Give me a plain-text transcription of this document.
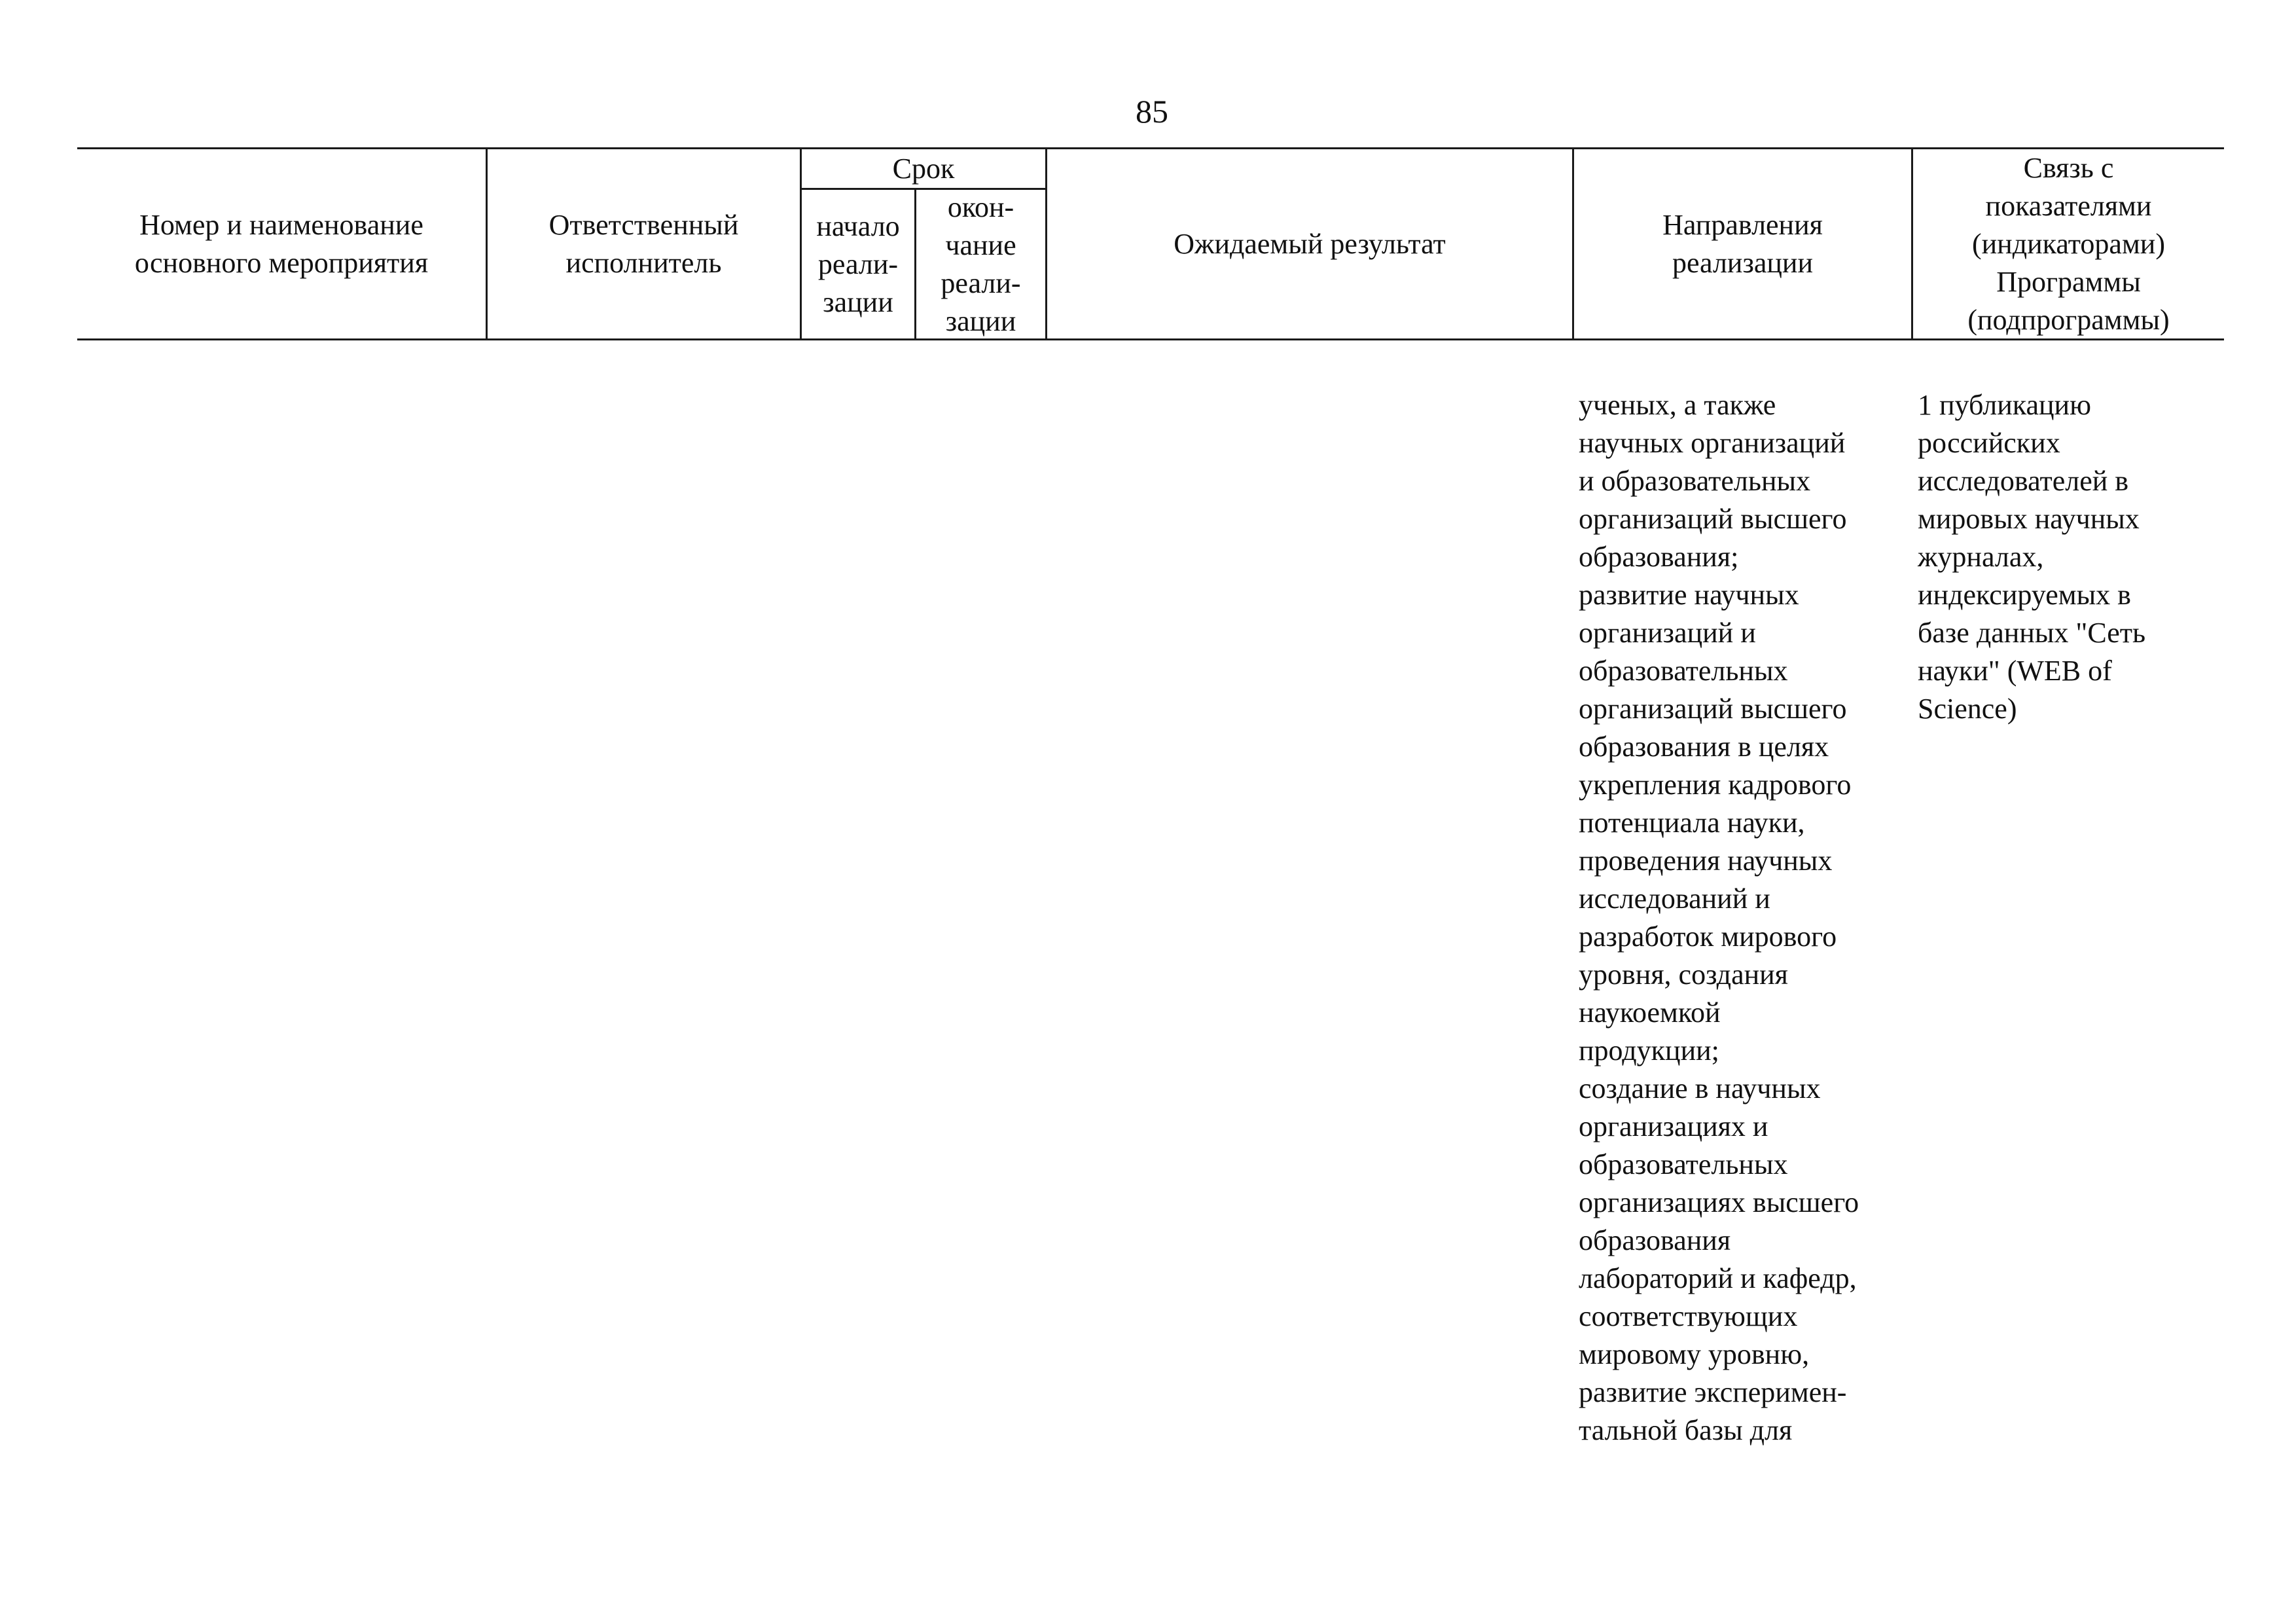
85
Номер и наименование
основного мероприятия
Ответственный
исполнитель
Срок
начало
реали-
зации
окон-
чание
реали-
зации
Ожидаемый результат
Направления
реализации
Связь с
показателями
(индикаторами)
Программы
(подпрограммы)
ученых, а также
научных организаций
и образовательных
организаций высшего
образования;
развитие научных
организаций и
образовательных
организаций высшего
образования в целях
укрепления кадрового
потенциала науки,
проведения научных
исследований и
разработок мирового
уровня, создания
наукоемкой
продукции;
создание в научных
организациях и
образовательных
организациях высшего
образования
лабораторий и кафедр,
соответствующих
мировому уровню,
развитие эксперимен-
тальной базы для
1 публикацию
российских
исследователей в
мировых научных
журналах,
индексируемых в
базе данных "Сеть
науки" (WEB of
Science)
